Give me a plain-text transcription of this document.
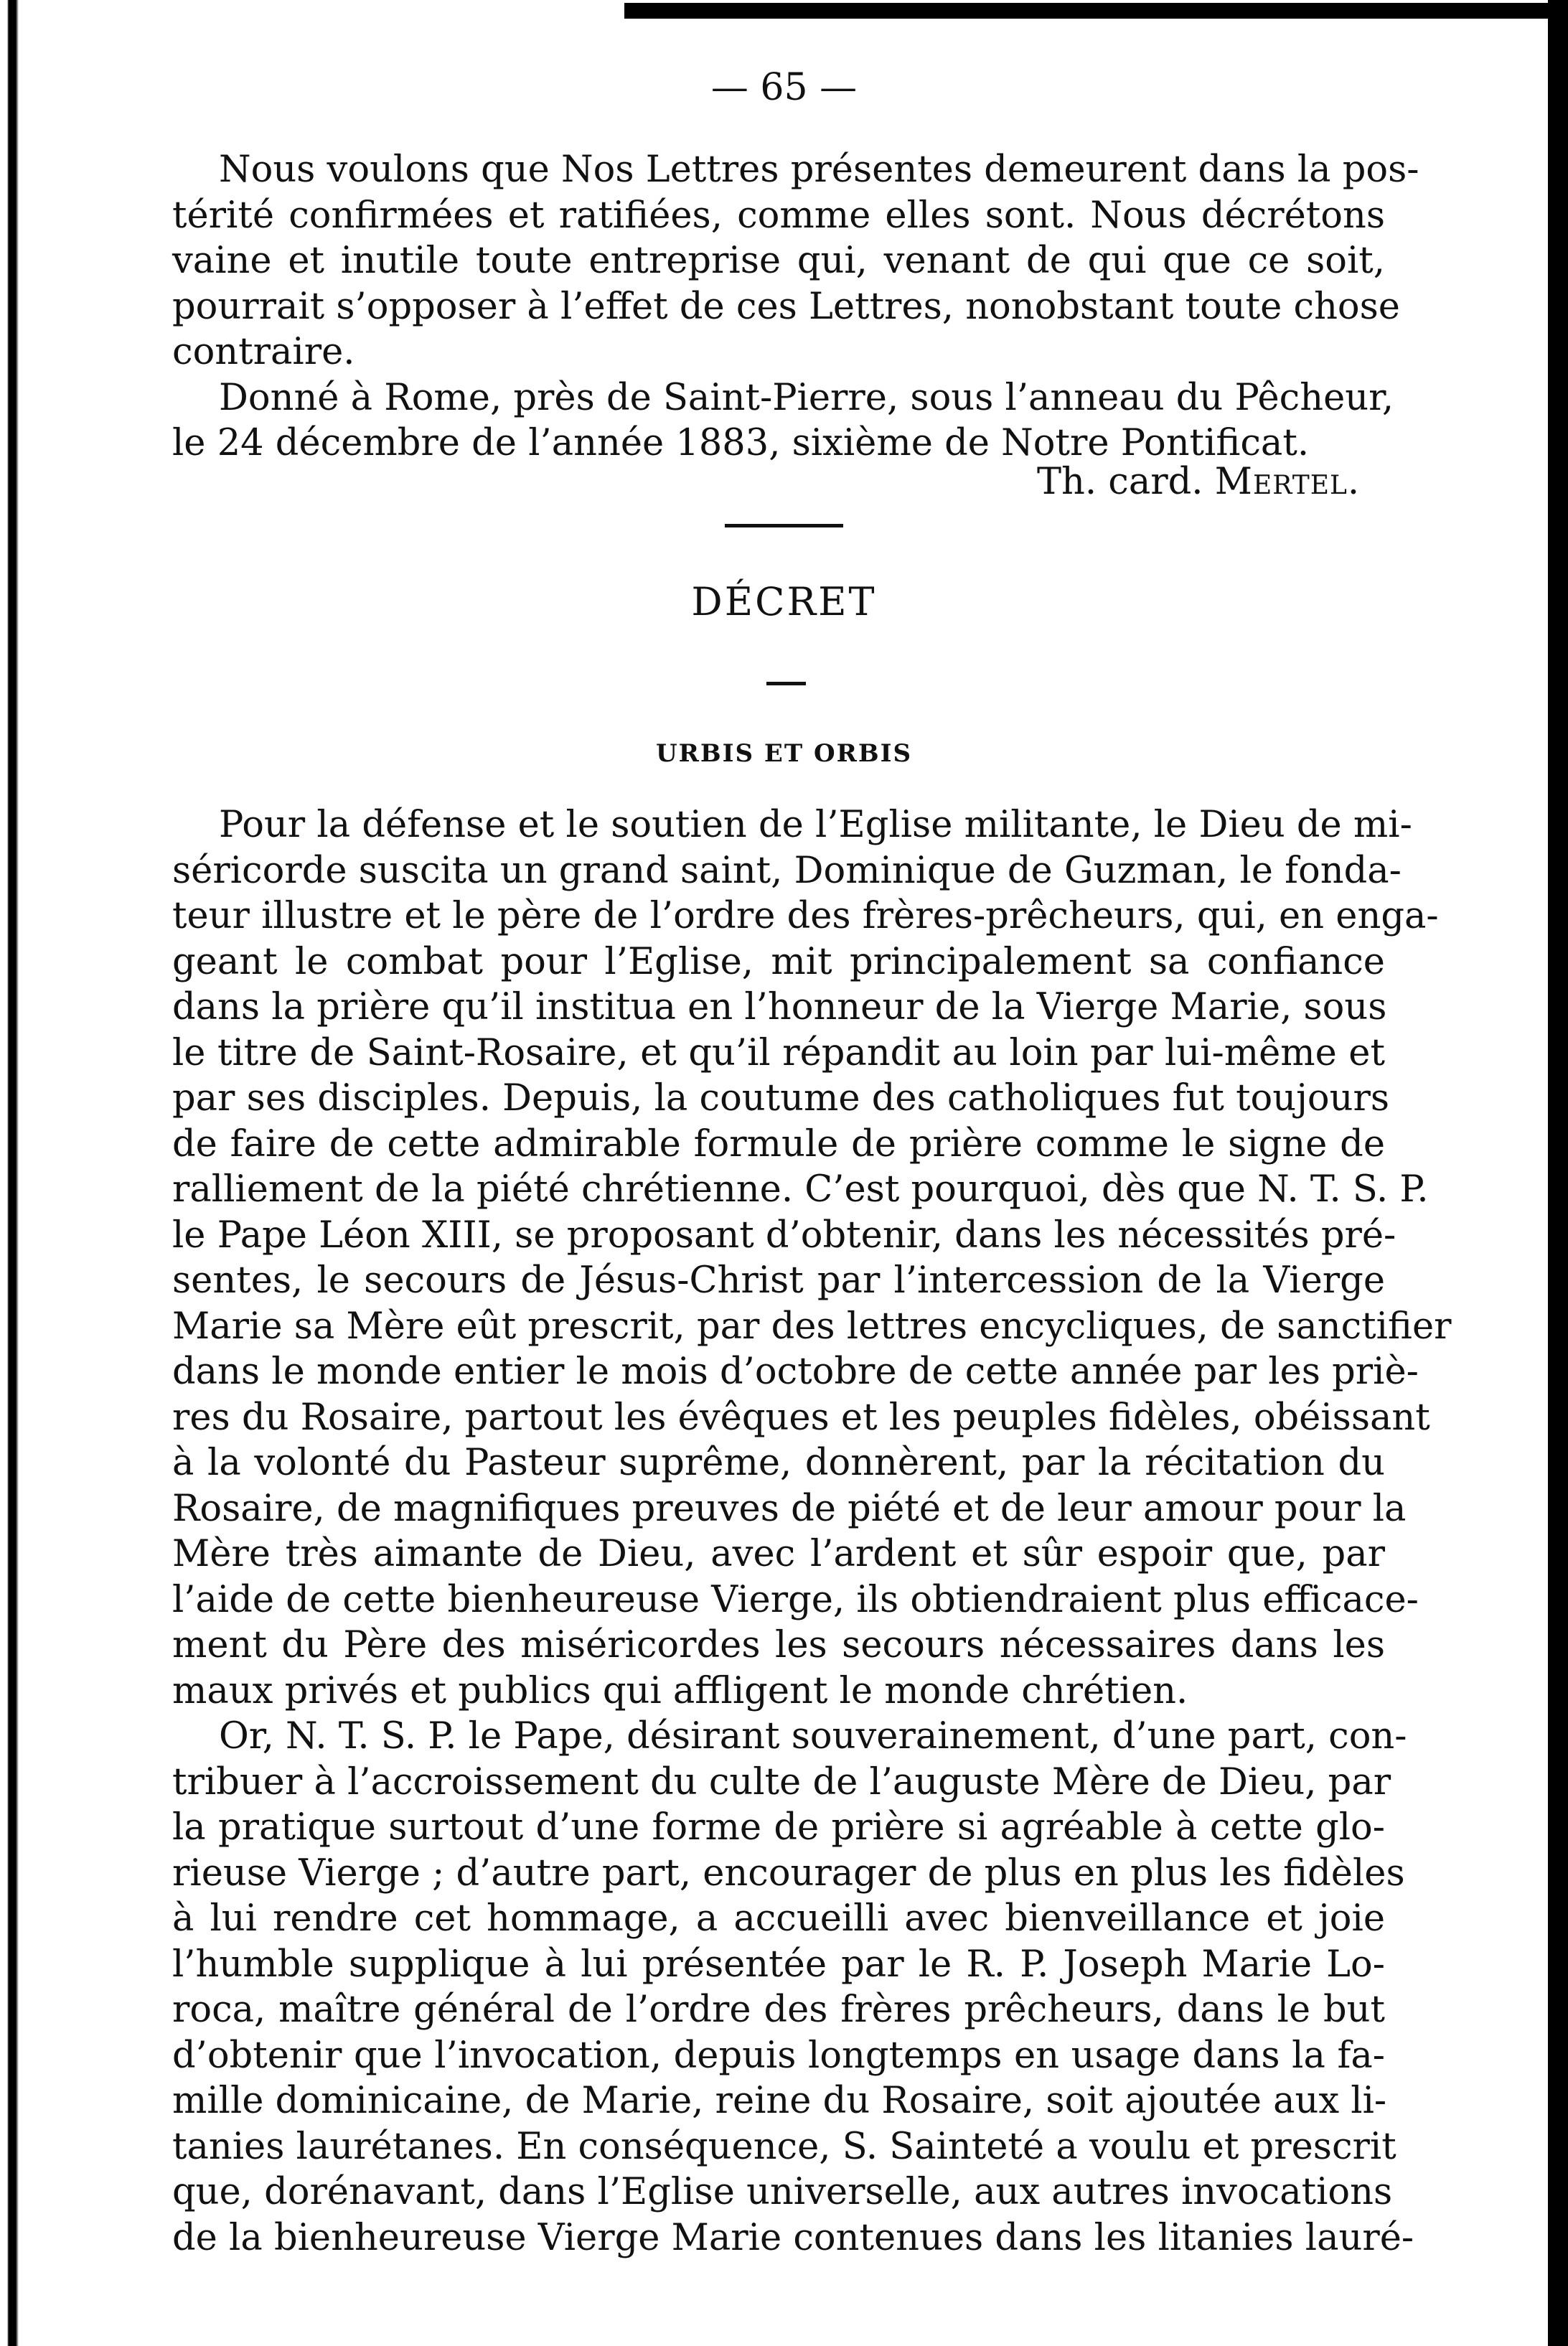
— 65 —
Nous voulons que Nos Lettres présentes demeurent dans la pos-
térité confirmées et ratifiées, comme elles sont. Nous décrétons
vaine et inutile toute entreprise qui, venant de qui que ce soit,
pourrait s’opposer à l’effet de ces Lettres, nonobstant toute chose
contraire.
Donné à Rome, près de Saint-Pierre, sous l’anneau du Pêcheur,
le 24 décembre de l’année 1883, sixième de Notre Pontificat.
Th. card. Mertel.
DÉCRET
URBIS ET ORBIS
Pour la défense et le soutien de l’Eglise militante, le Dieu de mi-
séricorde suscita un grand saint, Dominique de Guzman, le fonda-
teur illustre et le père de l’ordre des frères-prêcheurs, qui, en enga-
geant le combat pour l’Eglise, mit principalement sa confiance
dans la prière qu’il institua en l’honneur de la Vierge Marie, sous
le titre de Saint-Rosaire, et qu’il répandit au loin par lui-même et
par ses disciples. Depuis, la coutume des catholiques fut toujours
de faire de cette admirable formule de prière comme le signe de
ralliement de la piété chrétienne. C’est pourquoi, dès que N. T. S. P.
le Pape Léon XIII, se proposant d’obtenir, dans les nécessités pré-
sentes, le secours de Jésus-Christ par l’intercession de la Vierge
Marie sa Mère eût prescrit, par des lettres encycliques, de sanctifier
dans le monde entier le mois d’octobre de cette année par les priè-
res du Rosaire, partout les évêques et les peuples fidèles, obéissant
à la volonté du Pasteur suprême, donnèrent, par la récitation du
Rosaire, de magnifiques preuves de piété et de leur amour pour la
Mère très aimante de Dieu, avec l’ardent et sûr espoir que, par
l’aide de cette bienheureuse Vierge, ils obtiendraient plus efficace-
ment du Père des miséricordes les secours nécessaires dans les
maux privés et publics qui affligent le monde chrétien.
Or, N. T. S. P. le Pape, désirant souverainement, d’une part, con-
tribuer à l’accroissement du culte de l’auguste Mère de Dieu, par
la pratique surtout d’une forme de prière si agréable à cette glo-
rieuse Vierge ; d’autre part, encourager de plus en plus les fidèles
à lui rendre cet hommage, a accueilli avec bienveillance et joie
l’humble supplique à lui présentée par le R. P. Joseph Marie Lo-
roca, maître général de l’ordre des frères prêcheurs, dans le but
d’obtenir que l’invocation, depuis longtemps en usage dans la fa-
mille dominicaine, de Marie, reine du Rosaire, soit ajoutée aux li-
tanies laurétanes. En conséquence, S. Sainteté a voulu et prescrit
que, dorénavant, dans l’Eglise universelle, aux autres invocations
de la bienheureuse Vierge Marie contenues dans les litanies lauré-
